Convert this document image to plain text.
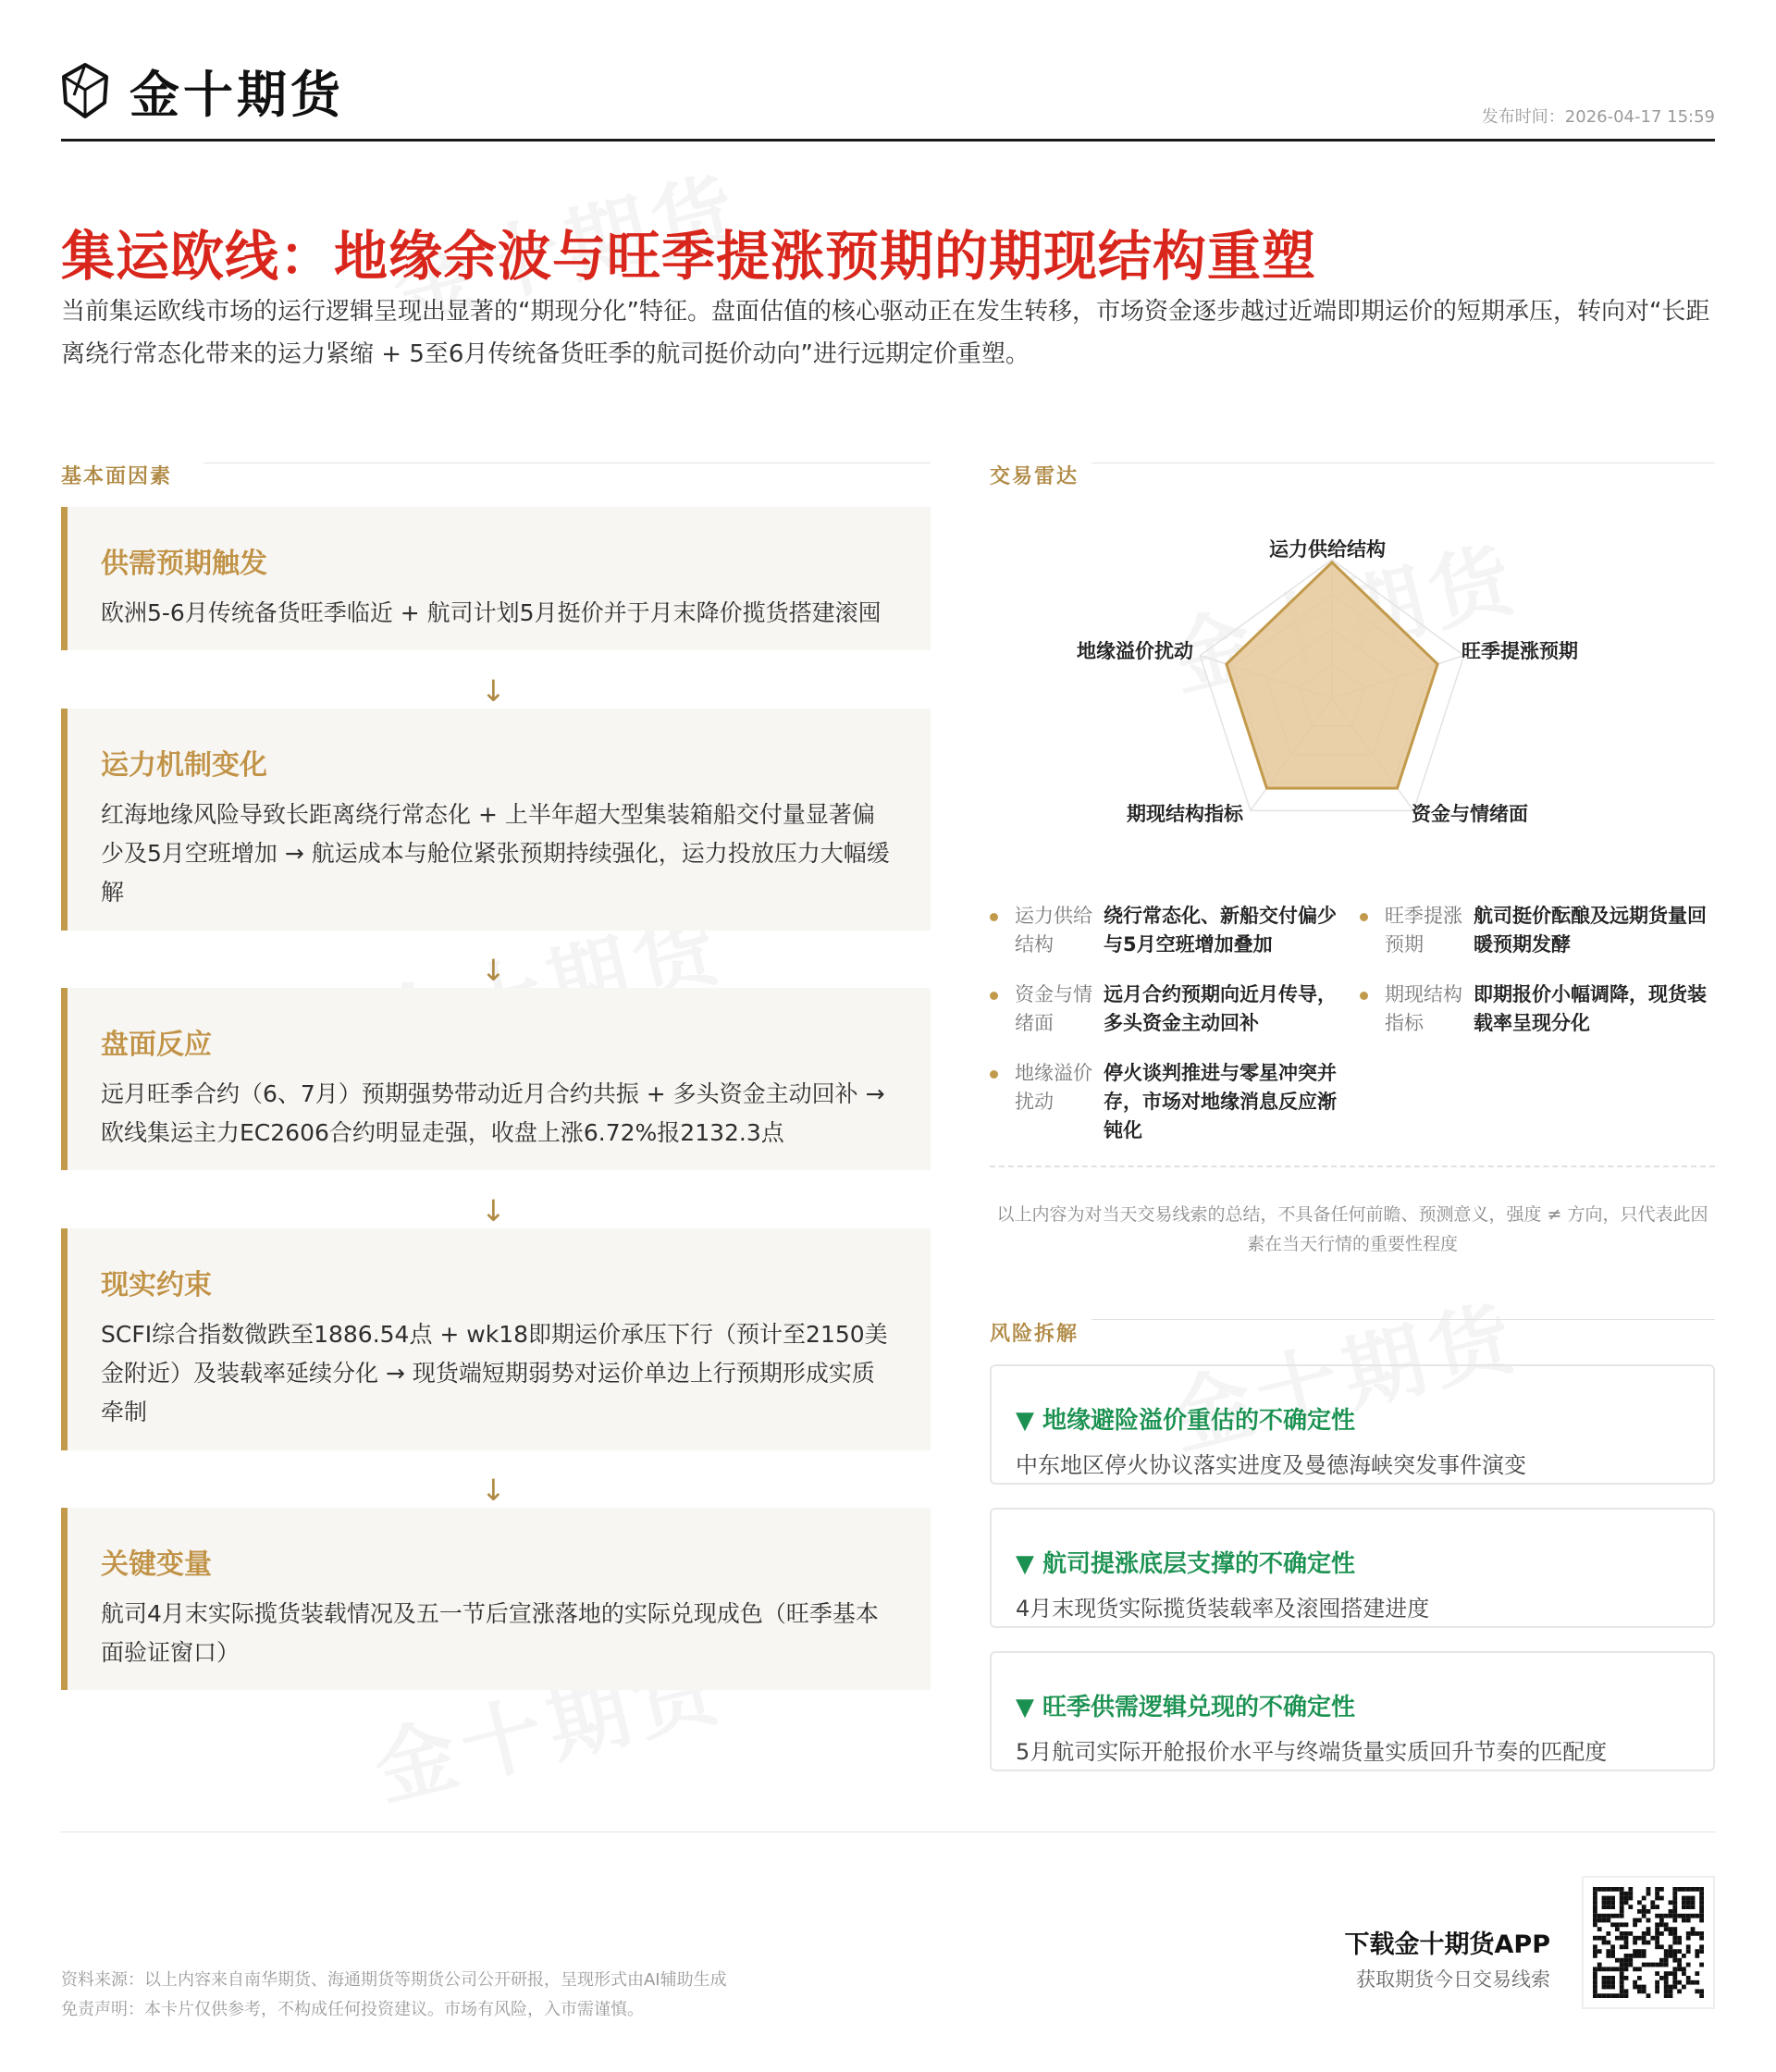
金十期货	发布时间：2026-04-17 15:59
集运欧线：地缘余波与旺季提涨预期的期现结构重塑
当前集运欧线市场的运行逻辑呈现出显著的“期现分化”特征。盘面估值的核心驱动正在发生转移，市场资金逐步越过近端即期运价的短期承压，转向对“长距离绕行常态化带来的运力紧缩 + 5至6月传统备货旺季的航司挺价动向”进行远期定价重塑。
基本面因素
供需预期触发
欧洲5-6月传统备货旺季临近 + 航司计划5月挺价并于月末降价揽货搭建滚囤
↓
运力机制变化
红海地缘风险导致长距离绕行常态化 + 上半年超大型集装箱船交付量显著偏少及5月空班增加 → 航运成本与舱位紧张预期持续强化，运力投放压力大幅缓解
↓
盘面反应
远月旺季合约（6、7月）预期强势带动近月合约共振 + 多头资金主动回补 → 欧线集运主力EC2606合约明显走强，收盘上涨6.72%报2132.3点
↓
现实约束
SCFI综合指数微跌至1886.54点 + wk18即期运价承压下行（预计至2150美金附近）及装载率延续分化 → 现货端短期弱势对运价单边上行预期形成实质牵制
↓
关键变量
航司4月末实际揽货装载情况及五一节后宣涨落地的实际兑现成色（旺季基本面验证窗口）
交易雷达
运力供给结构
旺季提涨预期
资金与情绪面
期现结构指标
地缘溢价扰动
运力供给结构
绕行常态化、新船交付偏少与5月空班增加叠加
旺季提涨预期
航司挺价酝酿及远期货量回暖预期发酵
资金与情绪面
远月合约预期向近月传导，多头资金主动回补
期现结构指标
即期报价小幅调降，现货装载率呈现分化
地缘溢价扰动
停火谈判推进与零星冲突并存，市场对地缘消息反应渐钝化
以上内容为对当天交易线索的总结，不具备任何前瞻、预测意义，强度 ≠ 方向，只代表此因素在当天行情的重要性程度
风险拆解
▼ 地缘避险溢价重估的不确定性
中东地区停火协议落实进度及曼德海峡突发事件演变
▼ 航司提涨底层支撑的不确定性
4月末现货实际揽货装载率及滚囤搭建进度
▼ 旺季供需逻辑兑现的不确定性
5月航司实际开舱报价水平与终端货量实质回升节奏的匹配度
资料来源：以上内容来自南华期货、海通期货等期货公司公开研报，呈现形式由AI辅助生成
免责声明：本卡片仅供参考，不构成任何投资建议。市场有风险，入市需谨慎。
下载金十期货APP
获取期货今日交易线索
